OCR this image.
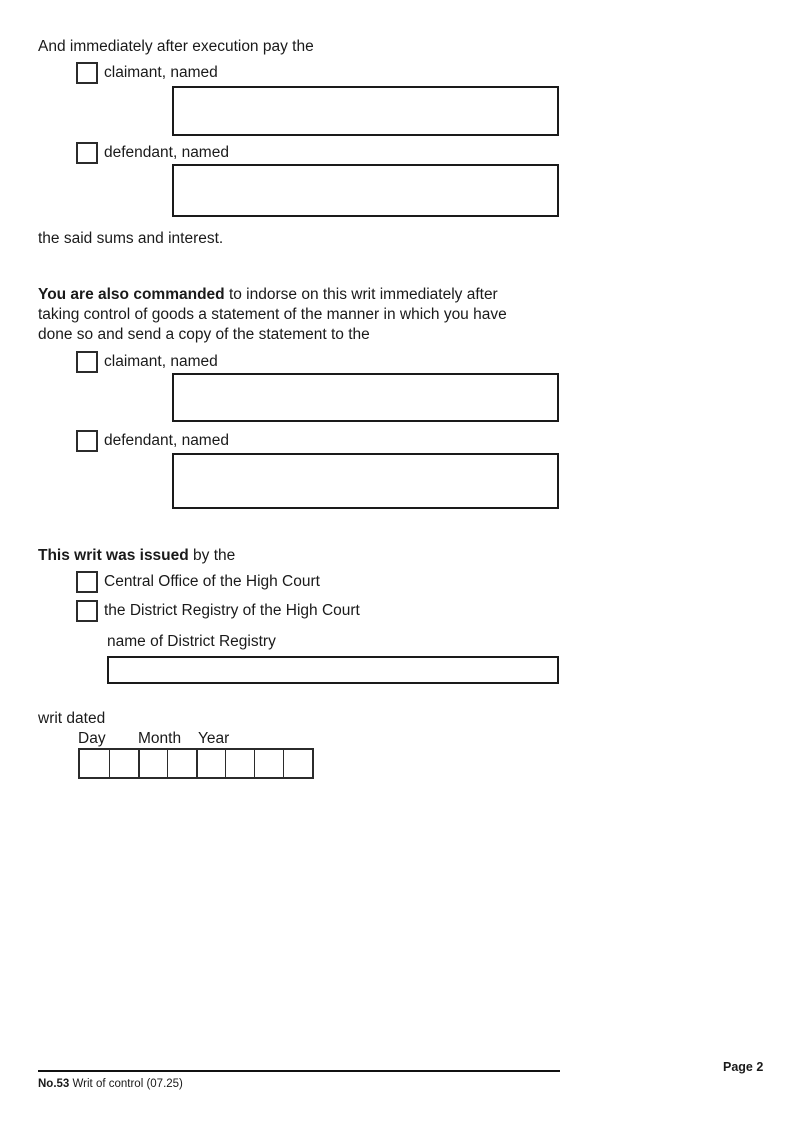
And immediately after execution pay the
claimant, named
defendant, named
the said sums and interest.

You are also commanded to indorse on this writ immediately after taking control of goods a statement of the manner in which you have done so and send a copy of the statement to the

claimant, named
defendant, named

This writ was issued by the

Central Office of the High Court
the District Registry of the High Court
name of District Registry
writ dated
Day Month Year

No.53 Writ of control (07.25)

Page 2
